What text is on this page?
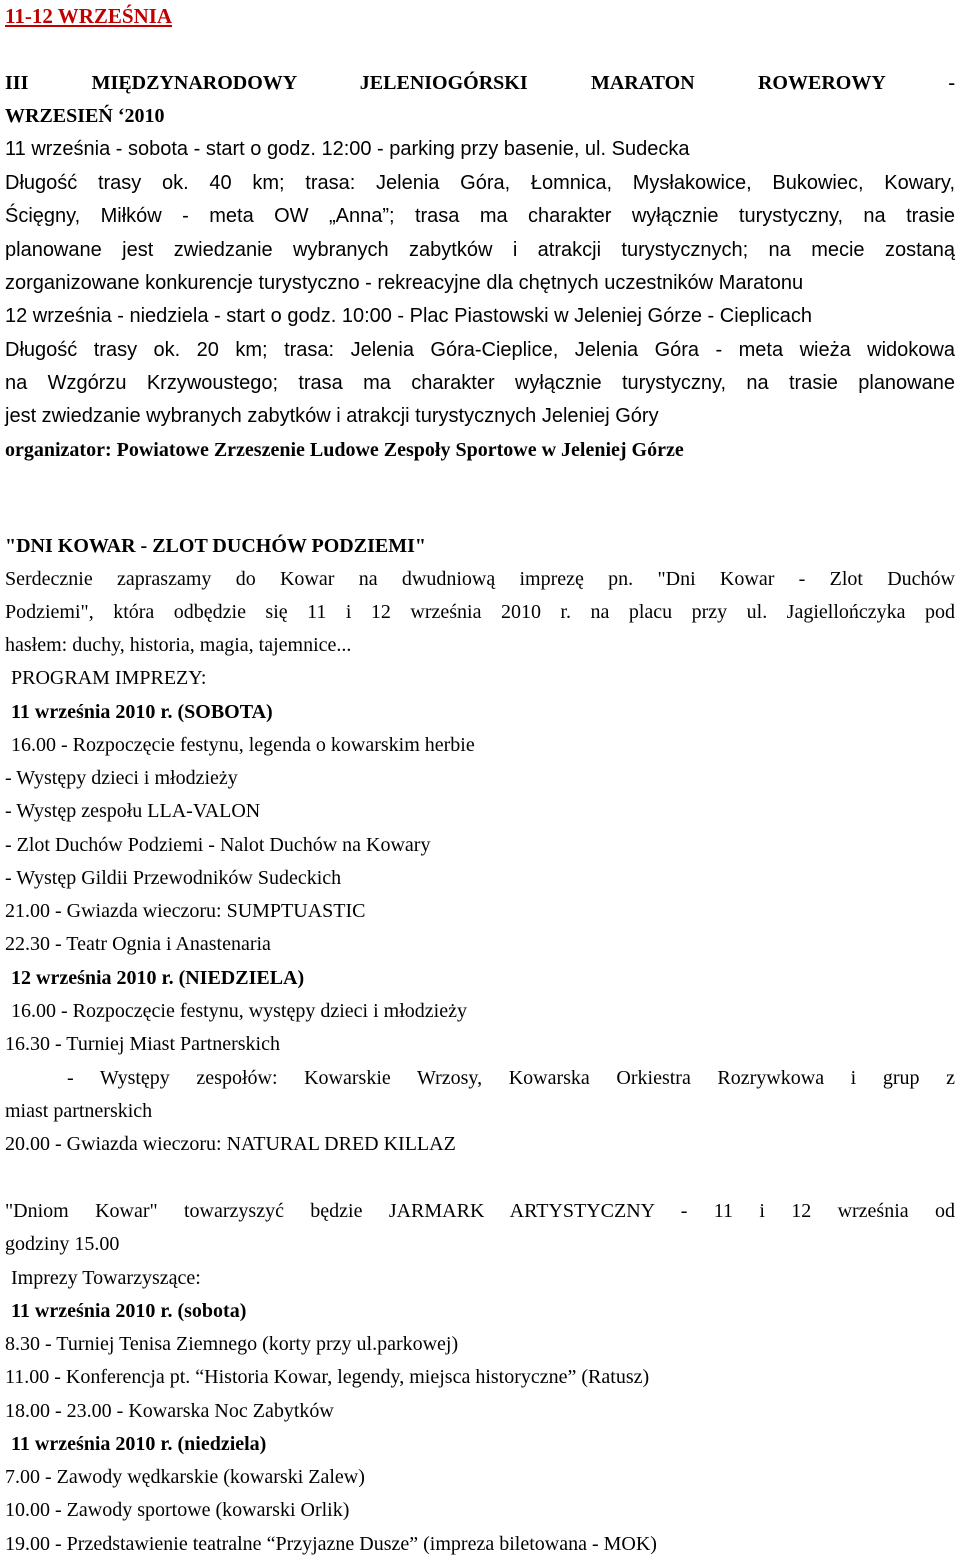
11-12 WRZEŚNIA
III MIĘDZYNARODOWY JELENIOGÓRSKI MARATON ROWEROWY -
WRZESIEŃ ‘2010
11 września - sobota - start o godz. 12:00 - parking przy basenie, ul. Sudecka
Długość trasy ok. 40 km; trasa: Jelenia Góra, Łomnica, Mysłakowice, Bukowiec, Kowary,
Ścięgny, Miłków - meta OW „Anna”; trasa ma charakter wyłącznie turystyczny, na trasie
planowane jest zwiedzanie wybranych zabytków i atrakcji turystycznych; na mecie zostaną
zorganizowane konkurencje turystyczno - rekreacyjne dla chętnych uczestników Maratonu
12 września - niedziela - start o godz. 10:00 - Plac Piastowski w Jeleniej Górze - Cieplicach
Długość trasy ok. 20 km; trasa: Jelenia Góra-Cieplice, Jelenia Góra - meta wieża widokowa
na Wzgórzu Krzywoustego; trasa ma charakter wyłącznie turystyczny, na trasie planowane
jest zwiedzanie wybranych zabytków i atrakcji turystycznych Jeleniej Góry
organizator: Powiatowe Zrzeszenie Ludowe Zespoły Sportowe w Jeleniej Górze
"DNI KOWAR - ZLOT DUCHÓW PODZIEMI"
Serdecznie zapraszamy do Kowar na dwudniową imprezę pn. "Dni Kowar - Zlot Duchów
Podziemi", która odbędzie się 11 i 12 września 2010 r. na placu przy ul. Jagiellończyka pod
hasłem: duchy, historia, magia, tajemnice...
PROGRAM IMPREZY:
11 września 2010 r. (SOBOTA)
16.00 - Rozpoczęcie festynu, legenda o kowarskim herbie
- Występy dzieci i młodzieży
- Występ zespołu LLA-VALON
- Zlot Duchów Podziemi - Nalot Duchów na Kowary
- Występ Gildii Przewodników Sudeckich
21.00 - Gwiazda wieczoru: SUMPTUASTIC
22.30 - Teatr Ognia i Anastenaria
12 września 2010 r. (NIEDZIELA)
16.00 - Rozpoczęcie festynu, występy dzieci i młodzieży
16.30 - Turniej Miast Partnerskich
- Występy zespołów: Kowarskie Wrzosy, Kowarska Orkiestra Rozrywkowa i grup z
miast partnerskich
20.00 - Gwiazda wieczoru: NATURAL DRED KILLAZ
"Dniom Kowar" towarzyszyć będzie JARMARK ARTYSTYCZNY - 11 i 12 września od
godziny 15.00
Imprezy Towarzyszące:
11 września 2010 r. (sobota)
8.30 - Turniej Tenisa Ziemnego (korty przy ul.parkowej)
11.00 - Konferencja pt. “Historia Kowar, legendy, miejsca historyczne” (Ratusz)
18.00 - 23.00 - Kowarska Noc Zabytków
11 września 2010 r. (niedziela)
7.00 - Zawody wędkarskie (kowarski Zalew)
10.00 - Zawody sportowe (kowarski Orlik)
19.00 - Przedstawienie teatralne “Przyjazne Dusze” (impreza biletowana - MOK)
